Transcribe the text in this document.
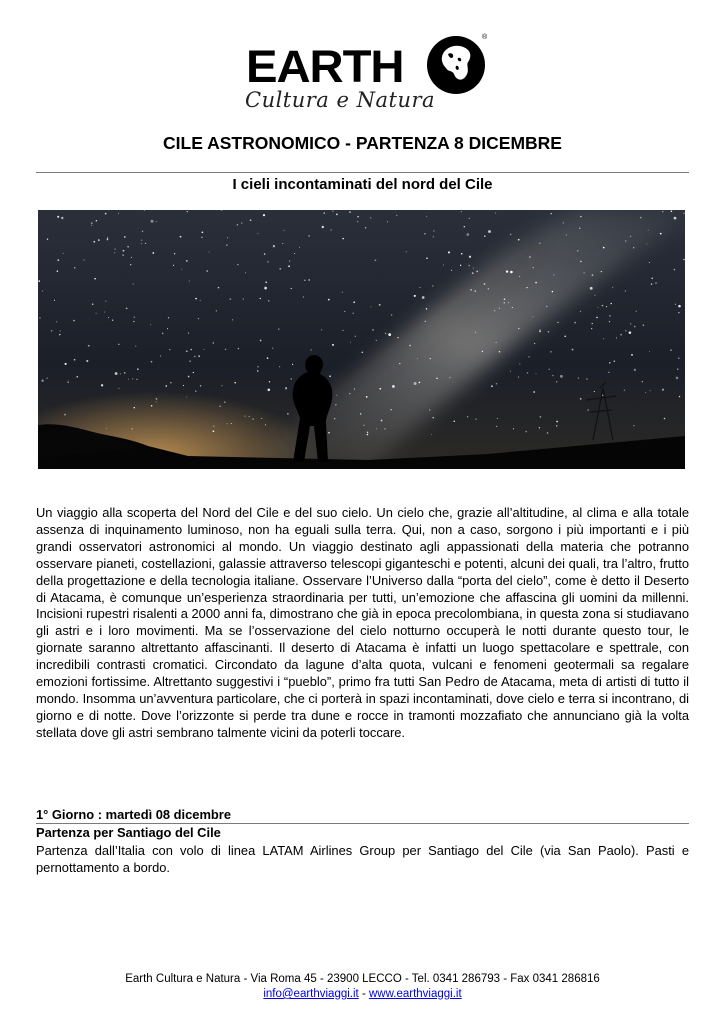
EARTH
®
Cultura e Natura
CILE ASTRONOMICO - PARTENZA 8 DICEMBRE
I cieli incontaminati del nord del Cile

Un viaggio alla scoperta del Nord del Cile e del suo cielo. Un cielo che, grazie all’altitudine, al clima e alla totale assenza di inquinamento luminoso, non ha eguali sulla terra. Qui, non a caso, sorgono i più importanti e i più grandi osservatori astronomici al mondo. Un viaggio destinato agli appassionati della materia che potranno osservare pianeti, costellazioni, galassie attraverso telescopi giganteschi e potenti, alcuni dei quali, tra l’altro, frutto della progettazione e della tecnologia italiane. Osservare l’Universo dalla “porta del cielo”, come è detto il Deserto di Atacama, è comunque un’esperienza straordinaria per tutti, un’emozione che affascina gli uomini da millenni. Incisioni rupestri risalenti a 2000 anni fa, dimostrano che già in epoca precolombiana, in questa zona si studiavano gli astri e i loro movimenti. Ma se l’osservazione del cielo notturno occuperà le notti durante questo tour, le giornate saranno altrettanto affascinanti. Il deserto di Atacama è infatti un luogo spettacolare e spettrale, con incredibili contrasti cromatici. Circondato da lagune d’alta quota, vulcani e fenomeni geotermali sa regalare emozioni fortissime. Altrettanto suggestivi i “pueblo”, primo fra tutti San Pedro de Atacama, meta di artisti di tutto il mondo. Insomma un’avventura particolare, che ci porterà in spazi incontaminati, dove cielo e terra si incontrano, di giorno e di notte. Dove l’orizzonte si perde tra dune e rocce in tramonti mozzafiato che annunciano già la volta stellata dove gli astri sembrano talmente vicini da poterli toccare.

1° Giorno : martedì 08 dicembre
Partenza per Santiago del Cile

Partenza dall’Italia con volo di linea LATAM Airlines Group per Santiago del Cile (via San Paolo). Pasti e pernottamento a bordo.

Earth Cultura e Natura - Via Roma 45 - 23900 LECCO - Tel. 0341 286793 - Fax 0341 286816
info@earthviaggi.it - www.earthviaggi.it
